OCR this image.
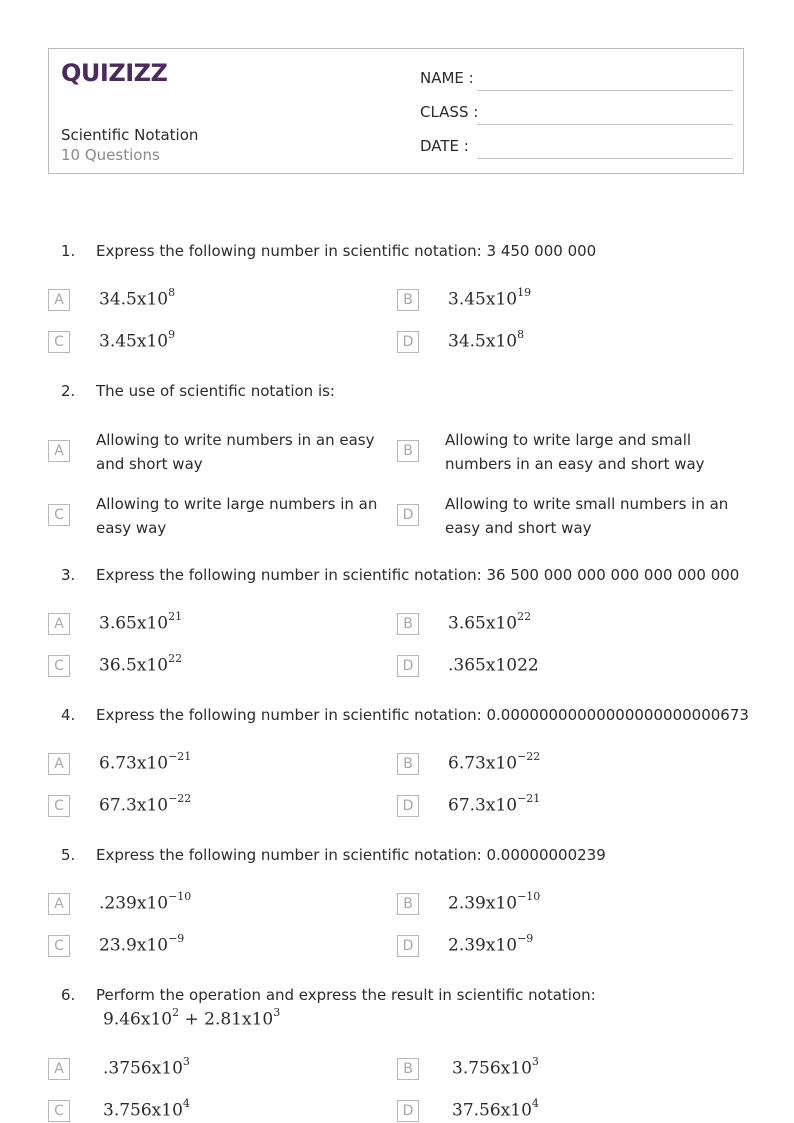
QUIZIZZ
Scientific Notation
10 Questions
NAME :
CLASS :
DATE :
1. Express the following number in scientific notation: 3 450 000 000
A	$34.5x10^8$	B	$3.45x10^{19}$
C	$3.45x10^9$	D	$34.5x10^8$
2. The use of scientific notation is:
A
Allowing to write numbers in an easy and short way
B
Allowing to write large and small numbers in an easy and short way
C
Allowing to write large numbers in an easy way
D
Allowing to write small numbers in an easy and short way
3. Express the following number in scientific notation: 36 500 000 000 000 000 000 000
A	$3.65x10^{21}$	B	$3.65x10^{22}$
C	$36.5x10^{22}$	D	.365x1022
4. Express the following number in scientific notation: 0.00000000000000000000000673
A	$6.73x10^{-21}$	B	$6.73x10^{-22}$
C	$67.3x10^{-22}$	D	$67.3x10^{-21}$
5. Express the following number in scientific notation: 0.00000000239
A	$.239x10^{-10}$	B	$2.39x10^{-10}$
C	$23.9x10^{-9}$	D	$2.39x10^{-9}$
6. Perform the operation and express the result in scientific notation:
$9.46x10^2 + 2.81x10^3$
A	$.3756x10^3$	B	$3.756x10^3$
C	$3.756x10^4$	D	$37.56x10^4$
